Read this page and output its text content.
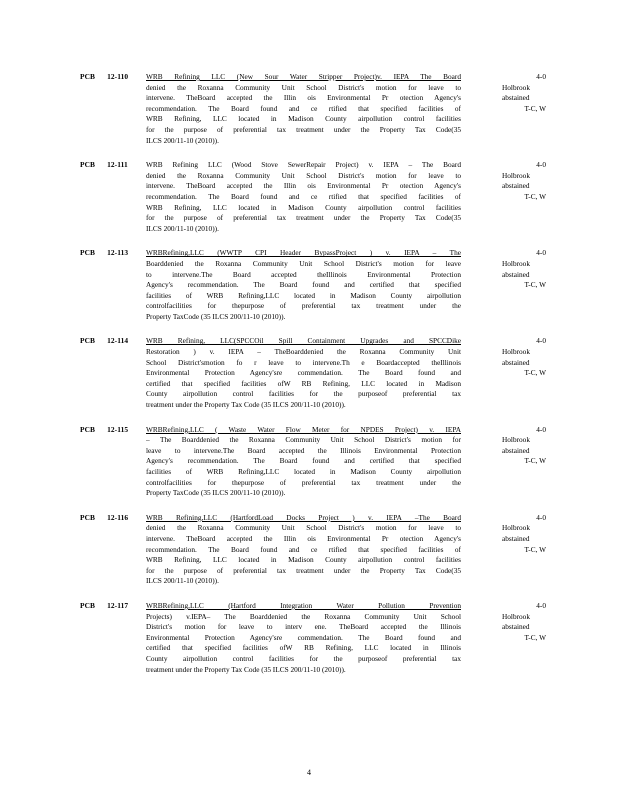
PCB 12-110 WRB Refining LLC (New Sour Water Stripper Project)v. IEPA The Board
denied the Roxanna Community Unit School District's motion for leave to
intervene. TheBoard accepted the Illin ois Environmental Pr otection Agency's
recommendation. The Board found and ce rtified that specified facilities of
WRB Refining, LLC located in Madison County airpollution control facilities
for the purpose of preferential tax treatment under the Property Tax Code(35
ILCS 200/11-10 (2010)).
4-0
Holbrook
abstained
T-C, W
PCB 12-111 WRB Refining LLC (Wood Stove SewerRepair Project) v. IEPA – The Board
denied the Roxanna Community Unit School District's motion for leave to
intervene. TheBoard accepted the Illin ois Environmental Pr otection Agency's
recommendation. The Board found and ce rtified that specified facilities of
WRB Refining, LLC located in Madison County airpollution control facilities
for the purpose of preferential tax treatment under the Property Tax Code(35
ILCS 200/11-10 (2010)).
4-0
Holbrook
abstained
T-C, W
PCB 12-113 WRBRefining,LLC (WWTP CPI Header BypassProject ) v. IEPA – The
Boarddenied the Roxanna Community Unit School District's motion for leave
to intervene.The Board accepted theIllinois Environmental Protection
Agency's recommendation. The Board found and certified that specified
facilities of WRB Refining,LLC located in Madison County airpollution
controlfacilities for thepurpose of preferential tax treatment under the
Property TaxCode (35 ILCS 200/11-10 (2010)).
4-0
Holbrook
abstained
T-C, W
PCB 12-114 WRB Refining, LLC(SPCCOil Spill Containment Upgrades and SPCCDike
Restoration ) v. IEPA – TheBoarddenied the Roxanna Community Unit
School District'smotion fo r leave to intervene.Th e Boardaccepted theIllinois
Environmental Protection Agency'sre commendation. The Board found and
certified that specified facilities ofW RB Refining, LLC located in Madison
County airpollution control facilities for the purposeof preferential tax
treatment under the Property Tax Code (35 ILCS 200/11-10 (2010)).
4-0
Holbrook
abstained
T-C, W
PCB 12-115 WRBRefining,LLC ( Waste Water Flow Meter for NPDES Project) v. IEPA
– The Boarddenied the Roxanna Community Unit School District's motion for
leave to intervene.The Board accepted the Illinois Environmental Protection
Agency's recommendation. The Board found and certified that specified
facilities of WRB Refining,LLC located in Madison County airpollution
controlfacilities for thepurpose of preferential tax treatment under the
Property TaxCode (35 ILCS 200/11-10 (2010)).
4-0
Holbrook
abstained
T-C, W
PCB 12-116 WRB Refining,LLC (HartfordLoad Docks Project ) v. IEPA –The Board
denied the Roxanna Community Unit School District's motion for leave to
intervene. TheBoard accepted the Illin ois Environmental Pr otection Agency's
recommendation. The Board found and ce rtified that specified facilities of
WRB Refining, LLC located in Madison County airpollution control facilities
for the purpose of preferential tax treatment under the Property Tax Code(35
ILCS 200/11-10 (2010)).
4-0
Holbrook
abstained
T-C, W
PCB 12-117 WRBRefining,LLC (Hartford Integration Water Pollution Prevention
Projects) v.IEPA– The Boarddenied the Roxanna Community Unit School
District's motion for leave to interv ene. TheBoard accepted the Illinois
Environmental Protection Agency'sre commendation. The Board found and
certified that specified facilities ofW RB Refining, LLC located in Illinois
County airpollution control facilities for the purposeof preferential tax
treatment under the Property Tax Code (35 ILCS 200/11-10 (2010)).
4-0
Holbrook
abstained
T-C, W
4
